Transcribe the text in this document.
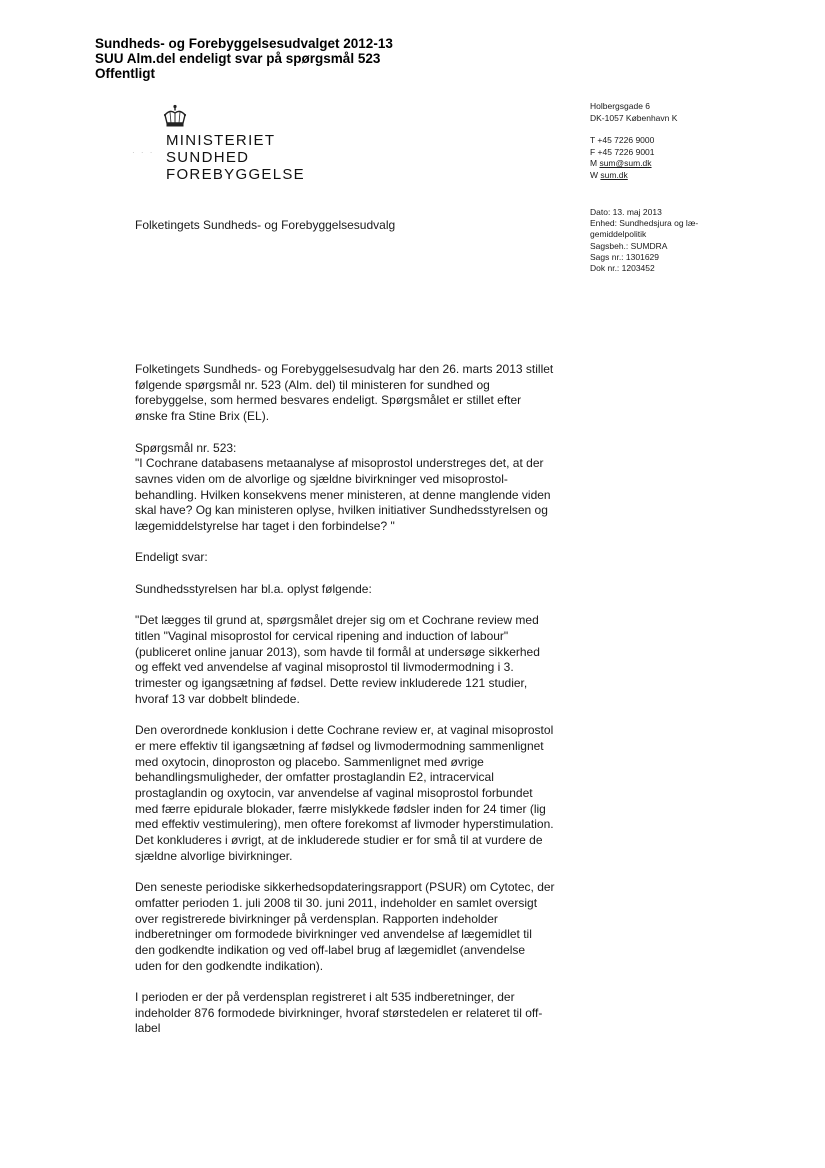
Sundheds- og Forebyggelsesudvalget 2012-13

SUU Alm.del endeligt svar på spørgsmål 523

Offentligt

MINISTERIET

SUNDHED

FOREBYGGELSE

· · ·
Folketingets Sundheds- og Forebyggelsesudvalg

Holbergsgade 6

DK-1057 København K

T +45 7226 9000

F +45 7226 9001

M sum@sum.dk

W sum.dk

Dato: 13. maj 2013

Enhed: Sundhedsjura og læ-

gemiddelpolitik

Sagsbeh.: SUMDRA

Sags nr.: 1301629

Dok nr.: 1203452

Folketingets Sundheds- og Forebyggelsesudvalg har den 26. marts 2013 stillet følgende spørgsmål nr. 523 (Alm. del) til ministeren for sundhed og forebyggelse, som hermed besvares endeligt. Spørgsmålet er stillet efter ønske fra Stine Brix (EL).

Spørgsmål nr. 523:
"I Cochrane databasens metaanalyse af misoprostol understreges det, at der savnes viden om de alvorlige og sjældne bivirkninger ved misoprostol-behandling. Hvilken konsekvens mener ministeren, at denne manglende viden skal have? Og kan ministeren oplyse, hvilken initiativer Sundhedsstyrelsen og lægemiddelstyrelse har taget i den forbindelse? "

Endeligt svar:

Sundhedsstyrelsen har bl.a. oplyst følgende:

"Det lægges til grund at, spørgsmålet drejer sig om et Cochrane review med titlen "Vaginal misoprostol for cervical ripening and induction of labour" (publiceret online januar 2013), som havde til formål at undersøge sikkerhed og effekt ved anvendelse af vaginal misoprostol til livmodermodning i 3. trimester og igangsætning af fødsel. Dette review inkluderede 121 studier, hvoraf 13 var dobbelt blindede.

Den overordnede konklusion i dette Cochrane review er, at vaginal misoprostol er mere effektiv til igangsætning af fødsel og livmodermodning sammenlignet med oxytocin, dinoproston og placebo. Sammenlignet med øvrige behandlingsmuligheder, der omfatter prostaglandin E2, intracervical prostaglandin og oxytocin, var anvendelse af vaginal misoprostol forbundet med færre epidurale blokader, færre mislykkede fødsler inden for 24 timer (lig med effektiv vestimulering), men oftere forekomst af livmoder hyperstimulation. Det konkluderes i øvrigt, at de inkluderede studier er for små til at vurdere de sjældne alvorlige bivirkninger.

Den seneste periodiske sikkerhedsopdateringsrapport (PSUR) om Cytotec, der omfatter perioden 1. juli 2008 til 30. juni 2011, indeholder en samlet oversigt over registrerede bivirkninger på verdensplan. Rapporten indeholder indberetninger om formodede bivirkninger ved anvendelse af lægemidlet til den godkendte indikation og ved off-label brug af lægemidlet (anvendelse uden for den godkendte indikation).

I perioden er der på verdensplan registreret i alt 535 indberetninger, der indeholder 876 formodede bivirkninger, hvoraf størstedelen er relateret til off-label
